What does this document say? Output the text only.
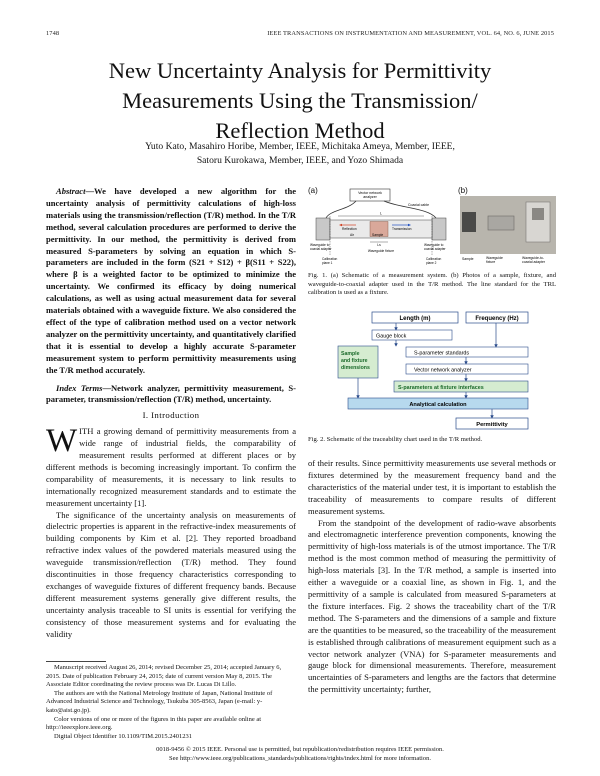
1748	IEEE TRANSACTIONS ON INSTRUMENTATION AND MEASUREMENT, VOL. 64, NO. 6, JUNE 2015
New Uncertainty Analysis for Permittivity
Measurements Using the Transmission/
Reflection Method
Yuto Kato, Masahiro Horibe, Member, IEEE, Michitaka Ameya, Member, IEEE,
Satoru Kurokawa, Member, IEEE, and Yozo Shimada

Abstract—We have developed a new algorithm for the uncertainty analysis of permittivity calculations of high-loss materials using the transmission/reflection (T/R) method. In the T/R method, several calculation procedures are performed to derive the permittivity. In our method, the permittivity is derived from measured S-parameters by solving an equation in which S-parameters are included in the form (S21 + S12) + β(S11 + S22), where β is a weighted factor to be optimized to minimize the uncertainty. We confirmed its efficacy by doing numerical calculations, as well as using actual measurement data for several materials obtained with a waveguide fixture. We also considered the effect of the type of calibration method used on a vector network analyzer on the permittivity uncertainty, and quantitatively clarified that it is essential to develop a highly accurate S-parameter measurement system to perform permittivity measurements using the T/R method accurately.

Index Terms—Network analyzer, permittivity measurement, S-parameter, transmission/reflection (T/R) method, uncertainty.

I. Introduction

WITH a growing demand of permittivity measurements from a wide range of industrial fields, the comparability of measurement results performed at different places or by different methods is becoming increasingly important. To confirm the comparability of measurements, it is necessary to link results to internationally recognized measurement standards and to estimate the measurement uncertainty [1].

The significance of the uncertainty analysis on measurements of dielectric properties is apparent in the refractive-index measurements of building components by Kim et al. [2]. They reported broadband refractive index values of the powdered materials measured using the waveguide transmission/reflection (T/R) method. They found discontinuities in those frequency characteristics corresponding to exchanges of waveguide fixtures of different frequency bands. Because different measurement systems generally give different results, the uncertainty analysis traceable to SI units is essential for verifying the consistency of those measurement systems and for evaluating the validity

Manuscript received August 26, 2014; revised December 25, 2014; accepted January 6, 2015. Date of publication February 24, 2015; date of current version May 8, 2015. The Associate Editor coordinating the review process was Dr. Lucas Di Lillo.

The authors are with the National Metrology Institute of Japan, National Institute of Advanced Industrial Science and Technology, Tsukuba 305-8563, Japan (e-mail: y-kato@aist.go.jp).

Color versions of one or more of the figures in this paper are available online at http://ieeexplore.ieee.org.

Digital Object Identifier 10.1109/TIM.2015.2401231

(a)	Vector network
analyzer
Coaxial cable
Reflection	Transmission
Air	Sample
L
Ls
Waveguide to
coaxial adapter
Waveguide to
coaxial adapter
Waveguide fixture
Calibration
plane 1
Calibration
plane 2
(b)
Sample	Waveguide
fixture
Waveguide-to-
coaxial adapter
Fig. 1. (a) Schematic of a measurement system. (b) Photos of a sample, fixture, and waveguide-to-coaxial adapter used in the T/R method. The line standard for the TRL calibration is used as a fixture.
Length (m)	Frequency (Hz)
Gauge block
S-parameter standards
Vector network analyzer
Sample
and fixture
dimensions
S-parameters at fixture interfaces
Analytical calculation
Permittivity
Fig. 2. Schematic of the traceability chart used in the T/R method.

of their results. Since permittivity measurements use several methods or fixtures determined by the measurement frequency band and the characteristics of the material under test, it is important to establish the traceability of measurements to compare results of different measurement systems.

From the standpoint of the development of radio-wave absorbents and electromagnetic interference prevention components, knowing the permittivity of high-loss materials is of the utmost importance. The T/R method is the most common method of measuring the permittivity of high-loss materials [3]. In the T/R method, a sample is inserted into either a waveguide or a coaxial line, as shown in Fig. 1, and the permittivity of a sample is calculated from measured S-parameters at the fixture interfaces. Fig. 2 shows the traceability chart of the T/R method. The S-parameters and the dimensions of a sample and fixture are the quantities to be measured, so the traceability of the measurement is established through calibrations of measurement equipment such as a vector network analyzer (VNA) for S-parameter measurements and gauge block for dimensional measurements. Therefore, measurement uncertainties of S-parameters and lengths are the factors that determine the permittivity uncertainty; further,

0018-9456 © 2015 IEEE. Personal use is permitted, but republication/redistribution requires IEEE permission.
See http://www.ieee.org/publications_standards/publications/rights/index.html for more information.
